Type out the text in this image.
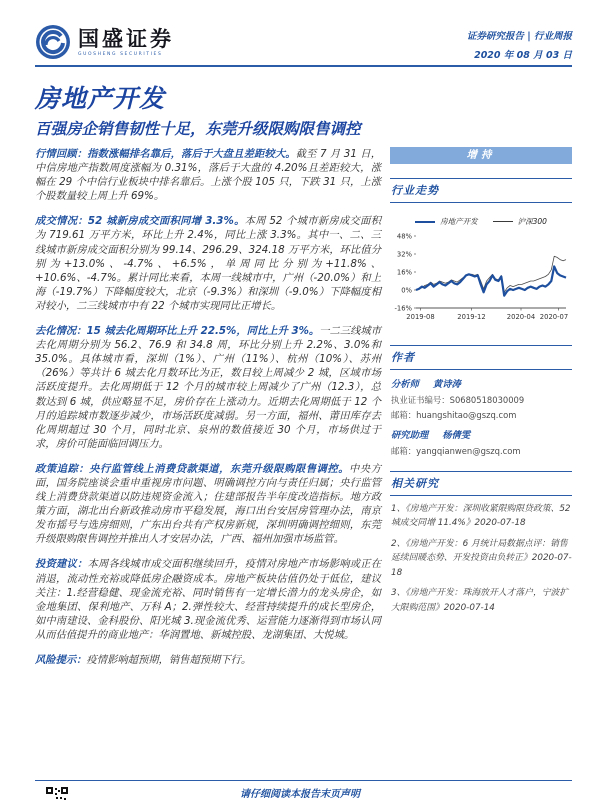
国盛证券
GUOSHENG SECURITIES
证券研究报告 | 行业周报
2020 年 08 月 03 日
房地产开发
百强房企销售韧性十足，东莞升级限购限售调控

行情回顾：指数涨幅排名靠后，落后于大盘且差距较大。截至 7 月 31 日，中信房地产指数周度涨幅为 0.31%，落后于大盘的 4.20%且差距较大，涨幅在 29 个中信行业板块中排名靠后。上涨个股 105 只，下跌 31 只，上涨个股数量较上周上升 69%。

成交情况：52 城新房成交面积同增 3.3%。本周 52 个城市新房成交面积为 719.61 万平方米，环比上升 2.4%，同比上涨 3.3%。其中一、二、三线城市新房成交面积分别为 99.14、296.29、324.18 万平方米，环比值分别为+13.0%、-4.7%、+6.5%，单周同比分别为+11.8%、+10.6%、-4.7%。累计同比来看，本周一线城市中，广州（-20.0%）和上海（-19.7%）下降幅度较大，北京（-9.3%）和深圳（-9.0%）下降幅度相对较小，二三线城市中有 22 个城市实现同比正增长。

去化情况：15 城去化周期环比上升 22.5%，同比上升 3%。一二三线城市去化周期分别为 56.2、76.9 和 34.8 周，环比分别上升 2.2%、3.0%和 35.0%。具体城市看，深圳（1%）、广州（11%）、杭州（10%）、苏州（26%）等共计 6 城去化月数环比为正，数目较上周减少 2 城，区域市场活跃度提升。去化周期低于 12 个月的城市较上周减少了广州（12.3），总数达到 6 城，供应略显不足，房价存在上涨动力。近期去化周期低于 12 个月的追踪城市数逐步减少，市场活跃度减弱。另一方面，福州、莆田库存去化周期超过 30 个月，同时北京、泉州的数值接近 30 个月，市场供过于求，房价可能面临回调压力。

政策追踪：央行监管线上消费贷款渠道，东莞升级限购限售调控。中央方面，国务院座谈会重申重视房市问题、明确调控方向与责任归属；央行监管线上消费贷款渠道以防违规资金流入；住建部报告半年度改造指标。地方政策方面，湖北出台新政推动房市平稳发展，海口出台安居房管理办法，南京发布摇号与选房细则，广东出台共有产权房新规，深圳明确调控细则，东莞升级限购限售调控并推出人才安居办法，广西、福州加强市场监管。

投资建议：本周各线城市成交面积继续回升，疫情对房地产市场影响或正在消退，流动性充裕或降低房企融资成本。房地产板块估值仍处于低位，建议关注：1.经营稳健、现金流充裕、同时销售有一定增长潜力的龙头房企，如金地集团、保利地产、万科 A；2.弹性较大、经营持续提升的成长型房企，如中南建设、金科股份、阳光城 3.现金流优秀、运营能力逐渐得到市场认同从而估值提升的商业地产：华润置地、新城控股、龙湖集团、大悦城。

风险提示：疫情影响超预期，销售超预期下行。

增持
行业走势
房地产开发	沪深300
48%
32%
16%
0%
-16%
2019-08	2019-12	2020-04 2020-07
作者
分析师 黄诗涛
执业证书编号：S0680518030009
邮箱：huangshitao@gszq.com
研究助理 杨倩雯
邮箱：yangqianwen@gszq.com
相关研究
1、《房地产开发：深圳收紧限购限贷政策、52 城成交同增 11.4%》2020-07-18
2、《房地产开发：6 月统计局数据点评：销售延续回暖态势、开发投资由负转正》2020-07-18
3、《房地产开发：珠海放开人才落户，宁波扩大限购范围》2020-07-14
请仔细阅读本报告末页声明
